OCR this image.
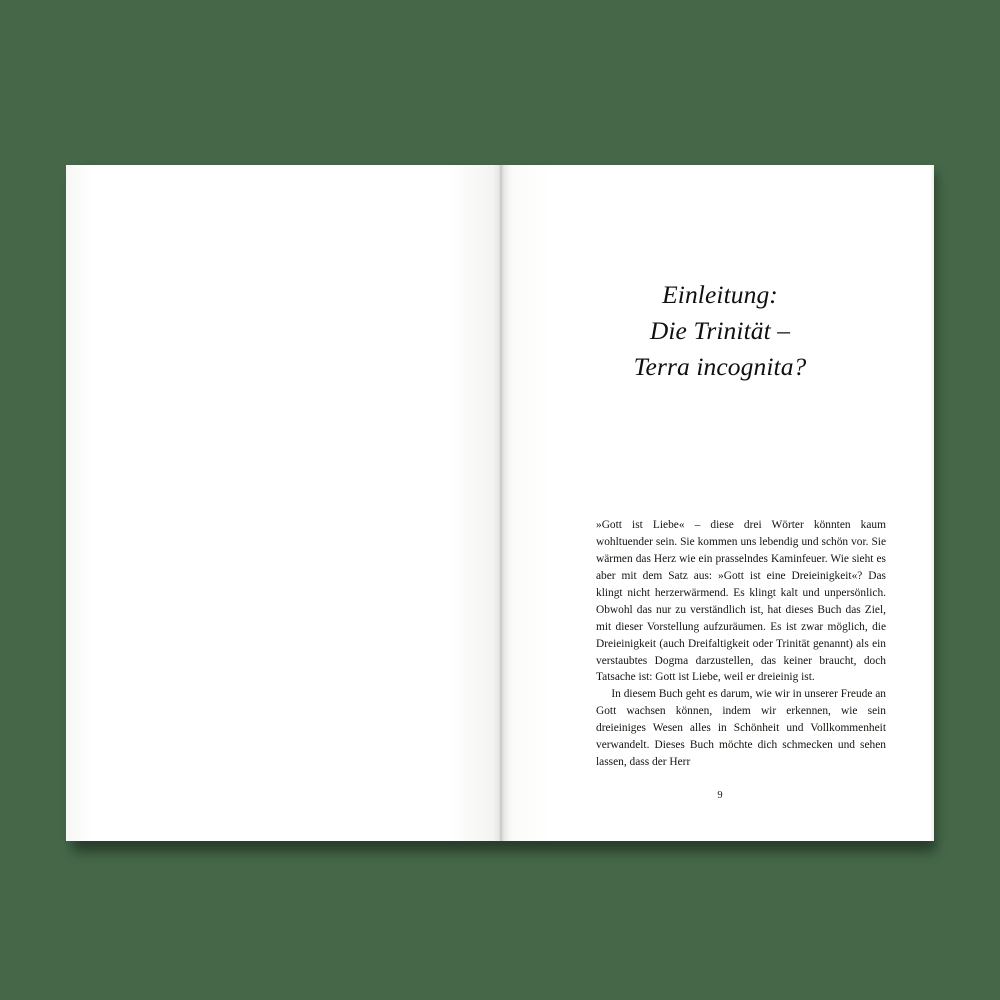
Einleitung:
Die Trinität –
Terra incognita?

»Gott ist Liebe« – diese drei Wörter könnten kaum wohltuender sein. Sie kommen uns lebendig und schön vor. Sie wärmen das Herz wie ein prasselndes Kaminfeuer. Wie sieht es aber mit dem Satz aus: »Gott ist eine Dreieinigkeit«? Das klingt nicht herzerwärmend. Es klingt kalt und unpersönlich. Obwohl das nur zu verständlich ist, hat dieses Buch das Ziel, mit dieser Vorstellung aufzuräumen. Es ist zwar möglich, die Dreieinigkeit (auch Dreifaltigkeit oder Trinität genannt) als ein verstaubtes Dogma darzustellen, das keiner braucht, doch Tatsache ist: Gott ist Liebe, weil er dreieinig ist.

In diesem Buch geht es darum, wie wir in unserer Freude an Gott wachsen können, indem wir erkennen, wie sein dreieiniges Wesen alles in Schönheit und Vollkommenheit verwandelt. Dieses Buch möchte dich schmecken und sehen lassen, dass der Herr

9
